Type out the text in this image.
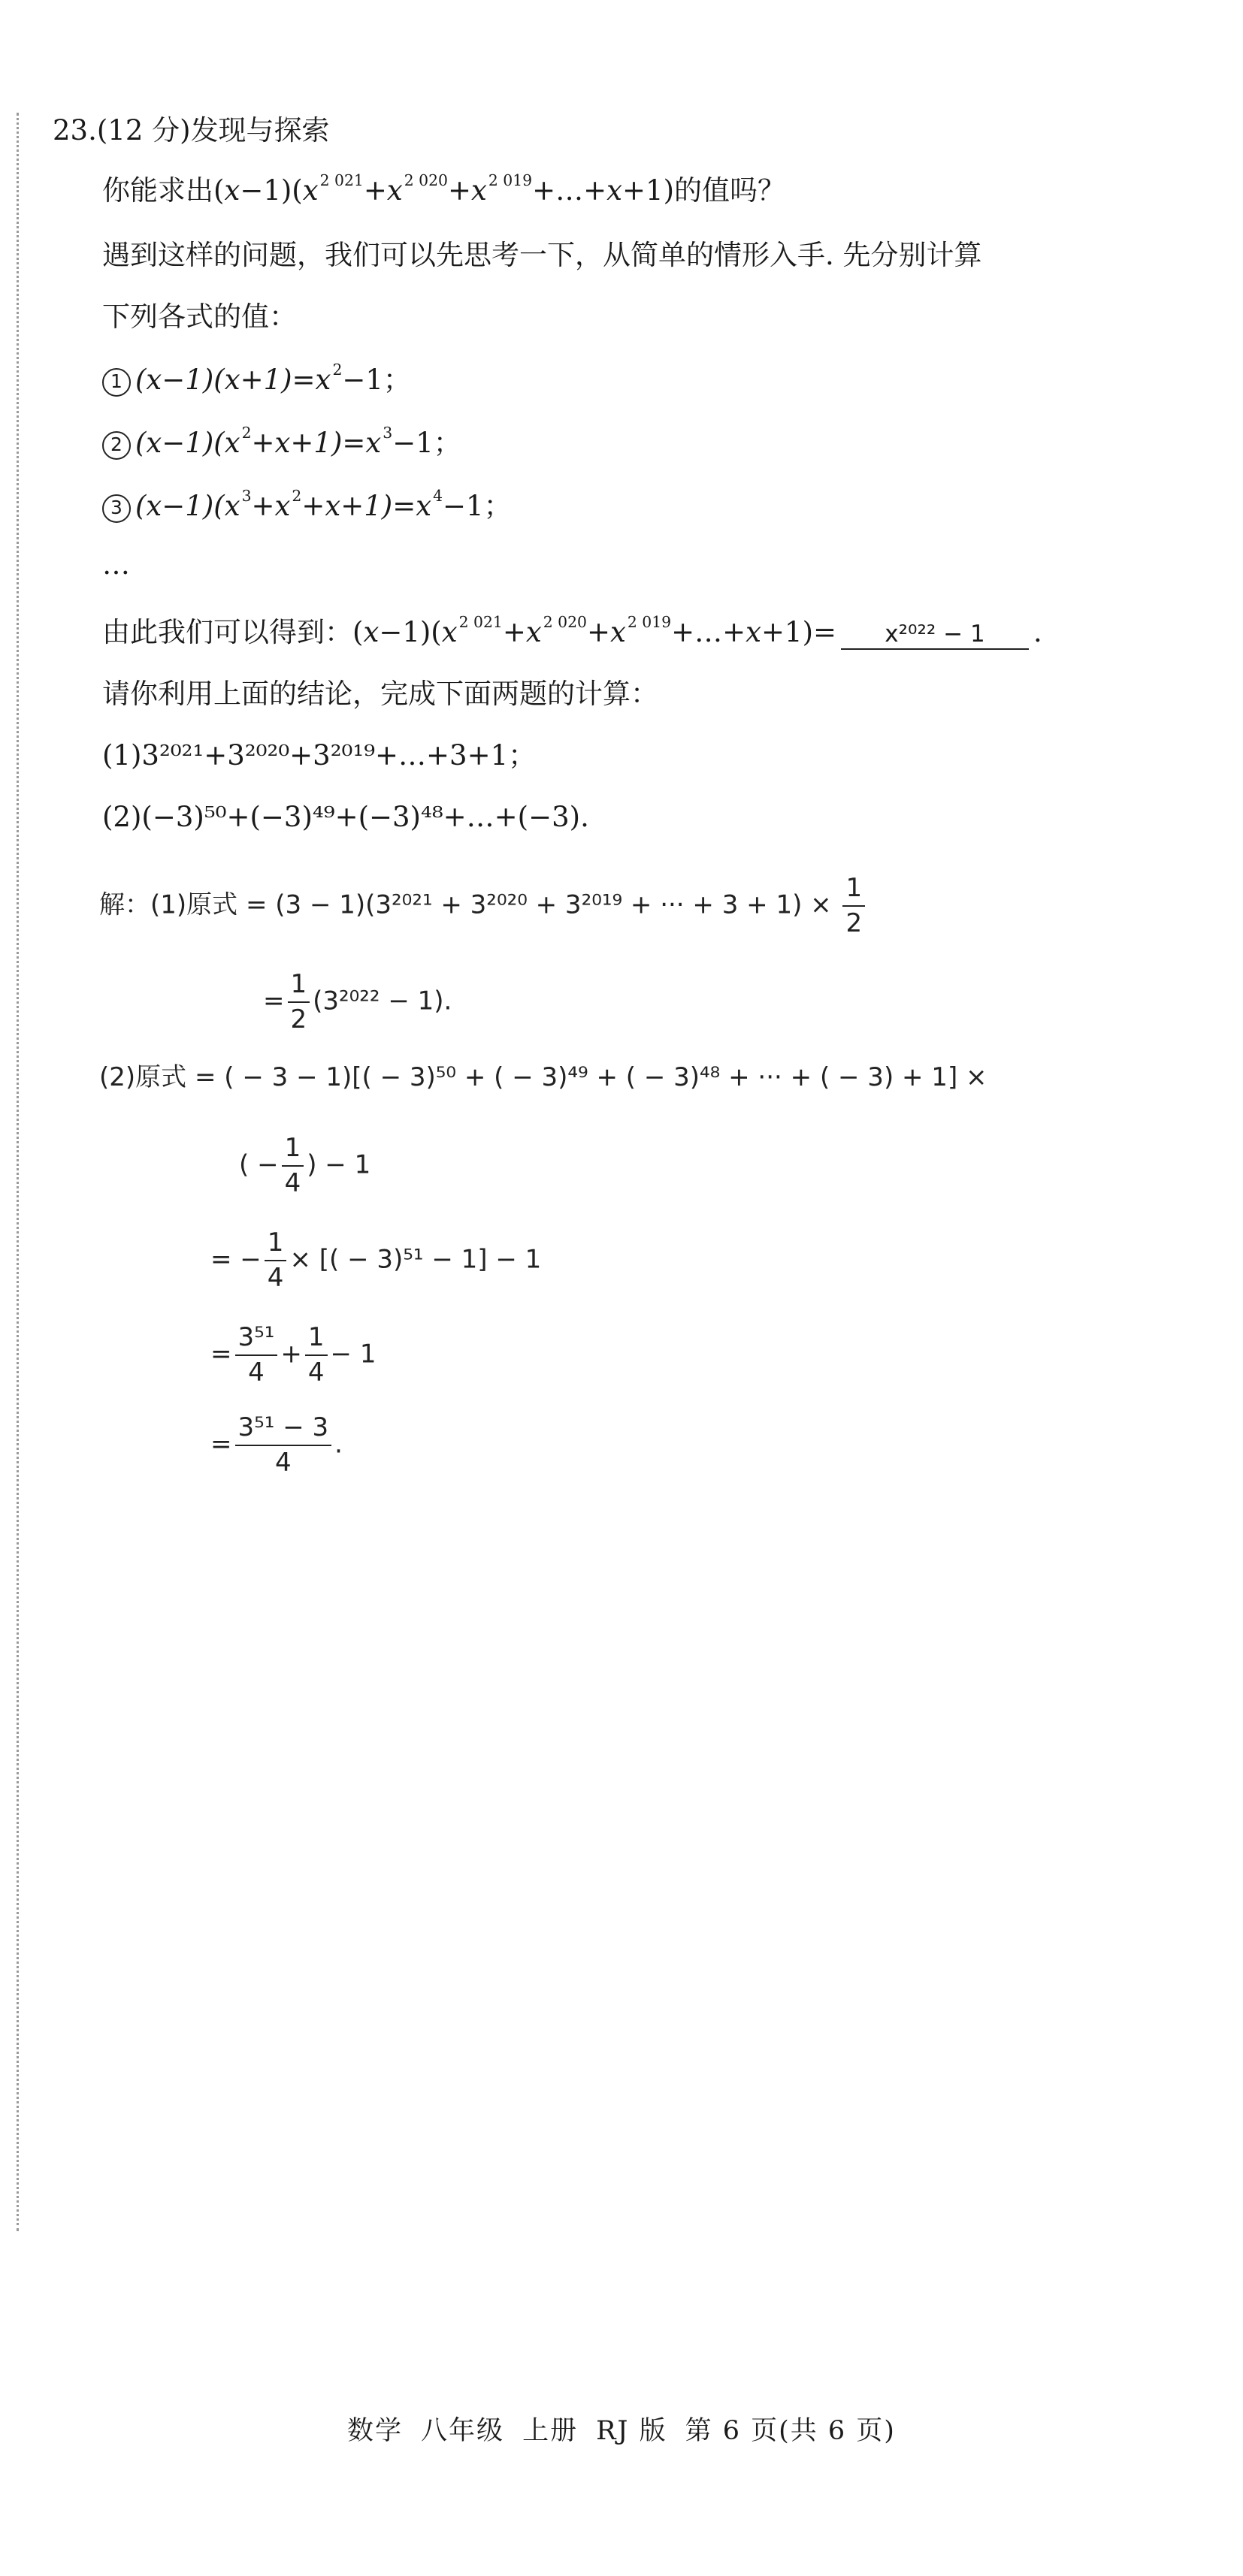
23.(12 分)发现与探索
你能求出$(x-1)(x^{2 021}+x^{2 020}+x^{2 019}+\dots+x+1)$的值吗？
遇到这样的问题，我们可以先思考一下，从简单的情形入手. 先分别计算
下列各式的值：
1 $(x-1)(x+1)=x^2-1$；
2 $(x-1)(x^2+x+1)=x^3-1$；
3 $(x-1)(x^3+x^2+x+1)=x^4-1$；
…
由此我们可以得到：$(x-1)(x^{2 021}+x^{2 020}+x^{2 019}+\dots+x+1)= x^{2022} - 1$ .
请你利用上面的结论，完成下面两题的计算：
(1)3²⁰²¹+3²⁰²⁰+3²⁰¹⁹+…+3+1；
(2)(−3)⁵⁰+(−3)⁴⁹+(−3)⁴⁸+…+(−3).
解：(1)原式 = (3 − 1)(3²⁰²¹ + 3²⁰²⁰ + 3²⁰¹⁹ + ··· + $3 + 1) \times \frac{1}{2}$
= $\frac{1}{2} (3^{2022} - 1)$.
(2)原式 = ( − 3 − 1)[( − 3)⁵⁰ + ( − 3)⁴⁹ + ( − 3)⁴⁸ + ··· + ( − 3) + 1] ×
( − $\frac{1}{4}$ ) − 1
= − $\frac{1}{4}$ × [( − 3)⁵¹ − 1] − 1
= $\frac{\text{3⁵¹}}{4} + \frac{1}{4} - 1$
= $\frac{\text{3⁵¹ − 3}}{4}$ .
数学 八年级 上册 RJ 版 第 6 页(共 6 页)
